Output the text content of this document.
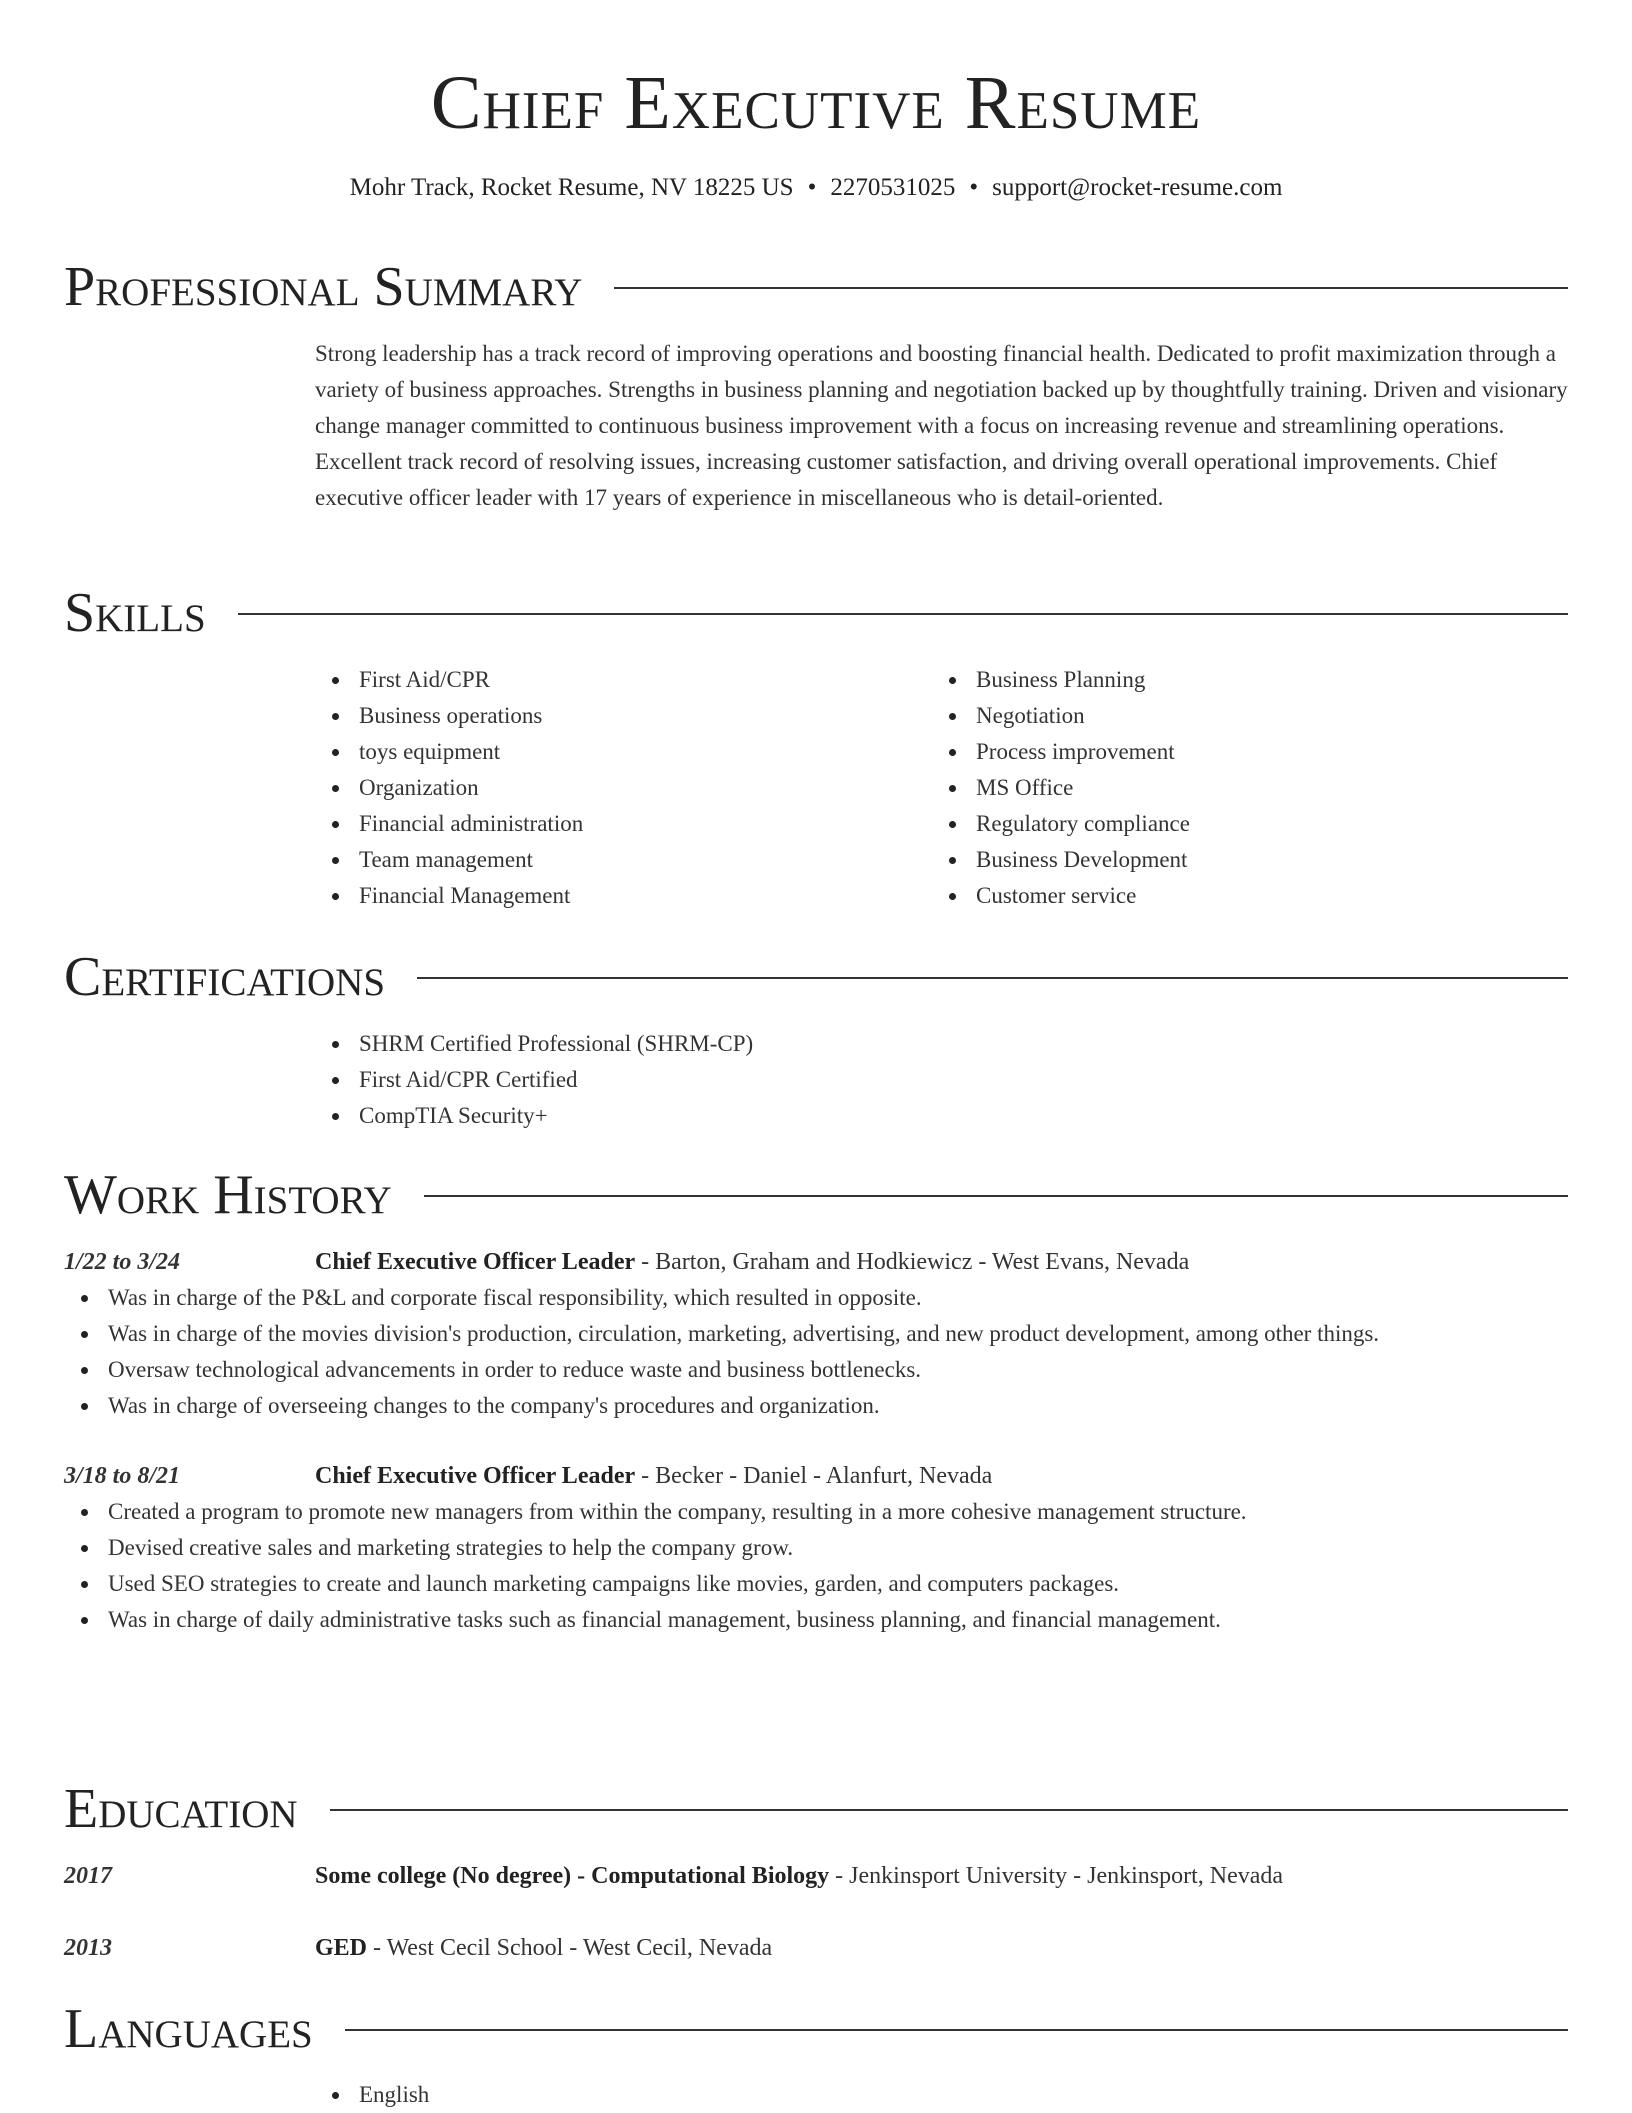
Chief Executive Resume
Mohr Track, Rocket Resume, NV 18225 US • 2270531025 • support@rocket-resume.com
Professional Summary
Strong leadership has a track record of improving operations and boosting financial health. Dedicated to profit maximization through a variety of business approaches. Strengths in business planning and negotiation backed up by thoughtfully training. Driven and visionary change manager committed to continuous business improvement with a focus on increasing revenue and streamlining operations. Excellent track record of resolving issues, increasing customer satisfaction, and driving overall operational improvements. Chief executive officer leader with 17 years of experience in miscellaneous who is detail-oriented.
Skills
First Aid/CPR
Business operations
toys equipment
Organization
Financial administration
Team management
Financial Management
Business Planning
Negotiation
Process improvement
MS Office
Regulatory compliance
Business Development
Customer service
Certifications
SHRM Certified Professional (SHRM-CP)
First Aid/CPR Certified
CompTIA Security+
Work History
1/22 to 3/24	Chief Executive Officer Leader - Barton, Graham and Hodkiewicz - West Evans, Nevada
Was in charge of the P&L and corporate fiscal responsibility, which resulted in opposite.
Was in charge of the movies division's production, circulation, marketing, advertising, and new product development, among other things.
Oversaw technological advancements in order to reduce waste and business bottlenecks.
Was in charge of overseeing changes to the company's procedures and organization.
3/18 to 8/21	Chief Executive Officer Leader - Becker - Daniel - Alanfurt, Nevada
Created a program to promote new managers from within the company, resulting in a more cohesive management structure.
Devised creative sales and marketing strategies to help the company grow.
Used SEO strategies to create and launch marketing campaigns like movies, garden, and computers packages.
Was in charge of daily administrative tasks such as financial management, business planning, and financial management.
Education
2017	Some college (No degree) - Computational Biology - Jenkinsport University - Jenkinsport, Nevada
2013	GED - West Cecil School - West Cecil, Nevada
Languages
English
